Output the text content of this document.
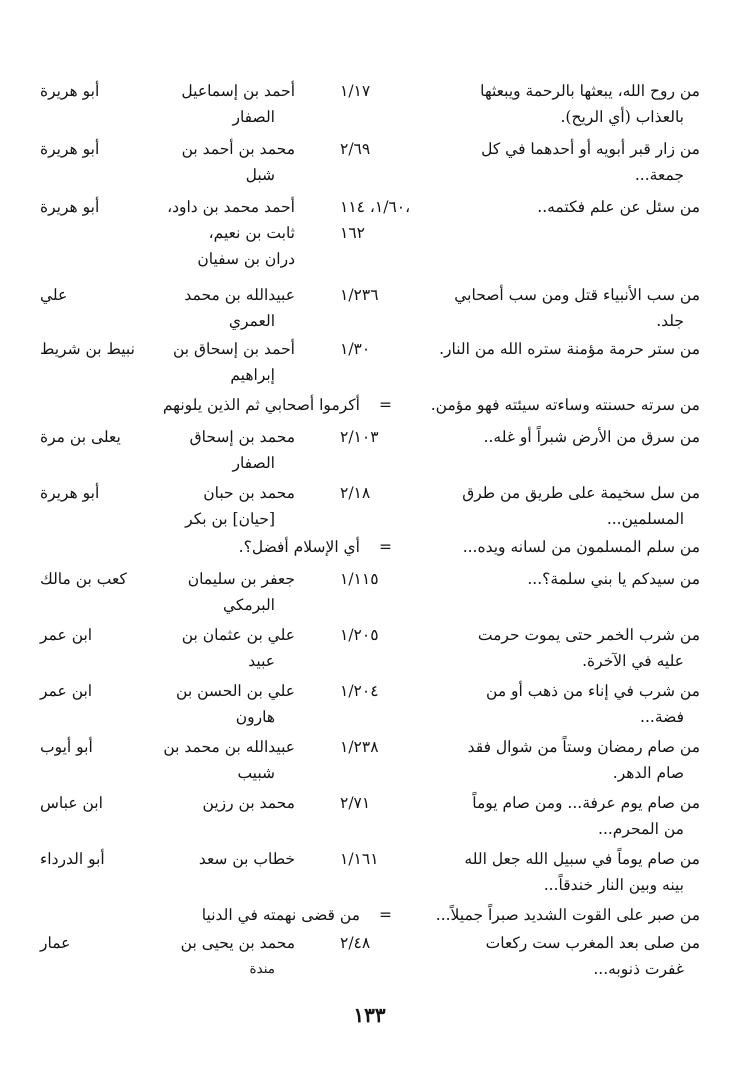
من روح الله، يبعثها بالرحمة ويبعثها
١/١٧
أحمد بن إسماعيل
أبو هريرة
بالعذاب (أي الريح).
الصفار
من زار قبر أبويه أو أحدهما في كل
٢/٦٩
محمد بن أحمد بن
أبو هريرة
جمعة...
شبل
من سئل عن علم فكتمه..
١/٦٠، ١١٤،
أحمد محمد بن داود،
أبو هريرة
١٦٢
ثابت بن نعيم،
دران بن سفيان
من سب الأنبياء قتل ومن سب أصحابي
١/٢٣٦
عبيدالله بن محمد
علي
جلد.
العمري
من ستر حرمة مؤمنة ستره الله من النار.
١/٣٠
أحمد بن إسحاق بن
نبيط بن شريط
إبراهيم
من سرته حسنته وساءته سيئته فهو مؤمن.
=
أكرموا أصحابي ثم الذين يلونهم
من سرق من الأرض شبراً أو غله..
٢/١٠٣
محمد بن إسحاق
يعلى بن مرة
الصفار
من سل سخيمة على طريق من طرق
٢/١٨
محمد بن حبان
أبو هريرة
المسلمين...
[حيان] بن بكر
من سلم المسلمون من لسانه ويده...
=
أي الإسلام أفضل؟.
من سيدكم يا بني سلمة؟...
١/١١٥
جعفر بن سليمان
كعب بن مالك
البرمكي
من شرب الخمر حتى يموت حرمت
١/٢٠٥
علي بن عثمان بن
ابن عمر
عليه في الآخرة.
عبيد
من شرب في إناء من ذهب أو من
١/٢٠٤
علي بن الحسن بن
ابن عمر
فضة...
هارون
من صام رمضان وستاً من شوال فقد
١/٢٣٨
عبيدالله بن محمد بن
أبو أيوب
صام الدهر.
شبيب
من صام يوم عرفة... ومن صام يوماً
٢/٧١
محمد بن رزين
ابن عباس
من المحرم...
من صام يوماً في سبيل الله جعل الله
١/١٦١
خطاب بن سعد
أبو الدرداء
بينه وبين النار خندقاً...
من صبر على القوت الشديد صبراً جميلاً...
=
من قضى نهمته في الدنيا
من صلى بعد المغرب ست ركعات
٢/٤٨
محمد بن يحيى بن
عمار
غفرت ذنوبه...
مندة
١٣٣
